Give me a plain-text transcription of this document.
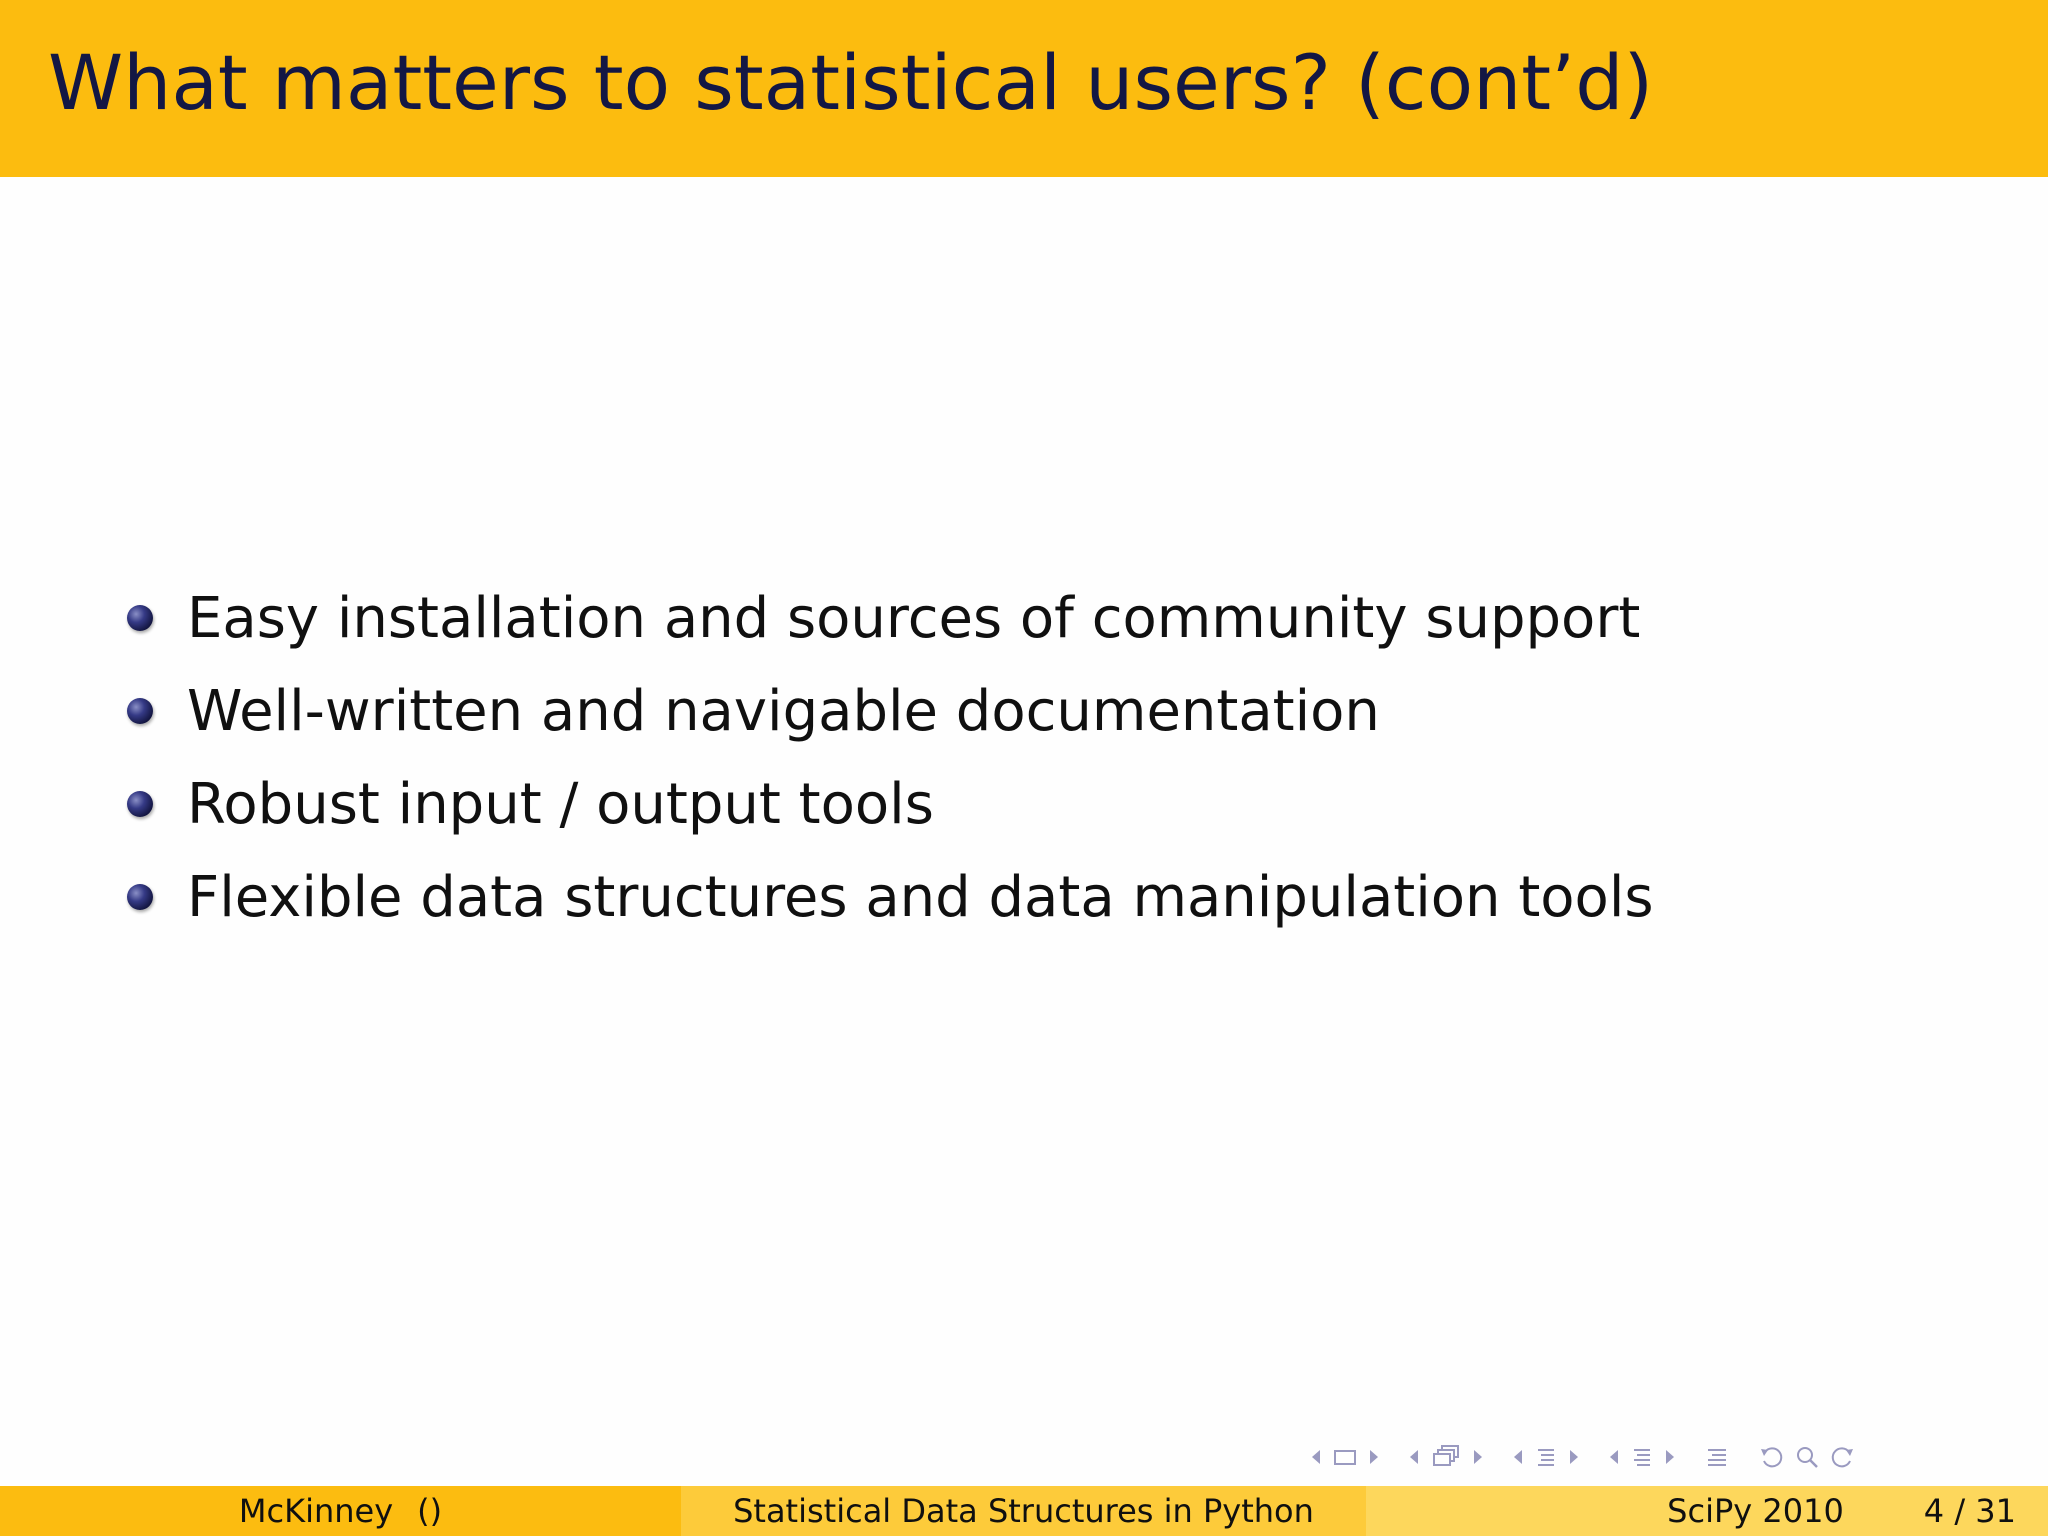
What matters to statistical users? (cont’d)
Easy installation and sources of community support
Well-written and navigable documentation
Robust input / output tools
Flexible data structures and data manipulation tools
McKinney ()	Statistical Data Structures in Python	SciPy 2010	4 / 31
